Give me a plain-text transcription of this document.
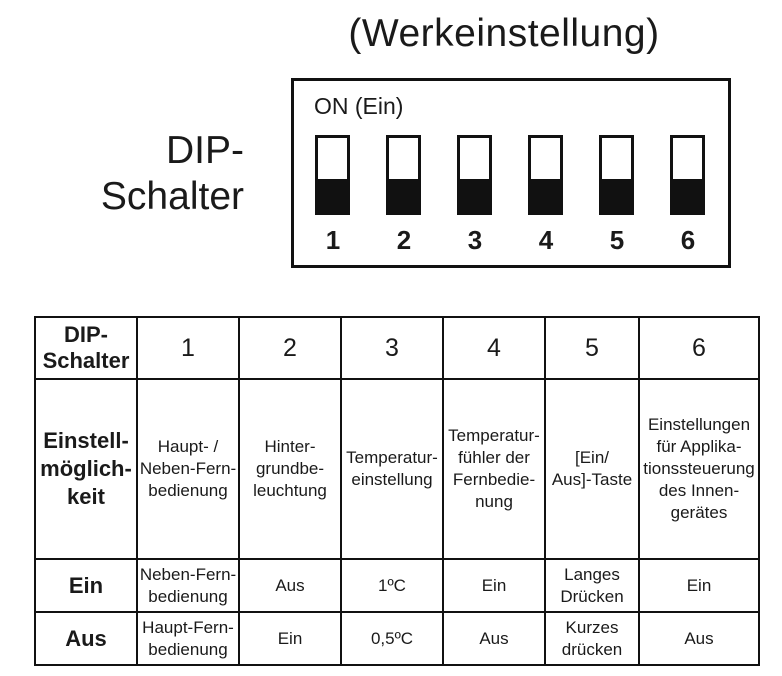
(Werkeinstellung)
DIP-
Schalter
ON (Ein)
1	2	3	4	5	6
DIP-
Schalter	1	2	3	4	5	6
Einstell-
möglich-
keit	Haupt- /
Neben-Fern-
bedienung	Hinter-
grundbe-
leuchtung	Temperatur-
einstellung	Temperatur-
fühler der
Fernbedie-
nung	[Ein/
Aus]-Taste	Einstellungen
für Applika-
tionssteuerung
des Innen-
gerätes
Ein	Neben-Fern-
bedienung	Aus	1ºC	Ein	Langes
Drücken	Ein
Aus	Haupt-Fern-
bedienung	Ein	0,5ºC	Aus	Kurzes
drücken	Aus
